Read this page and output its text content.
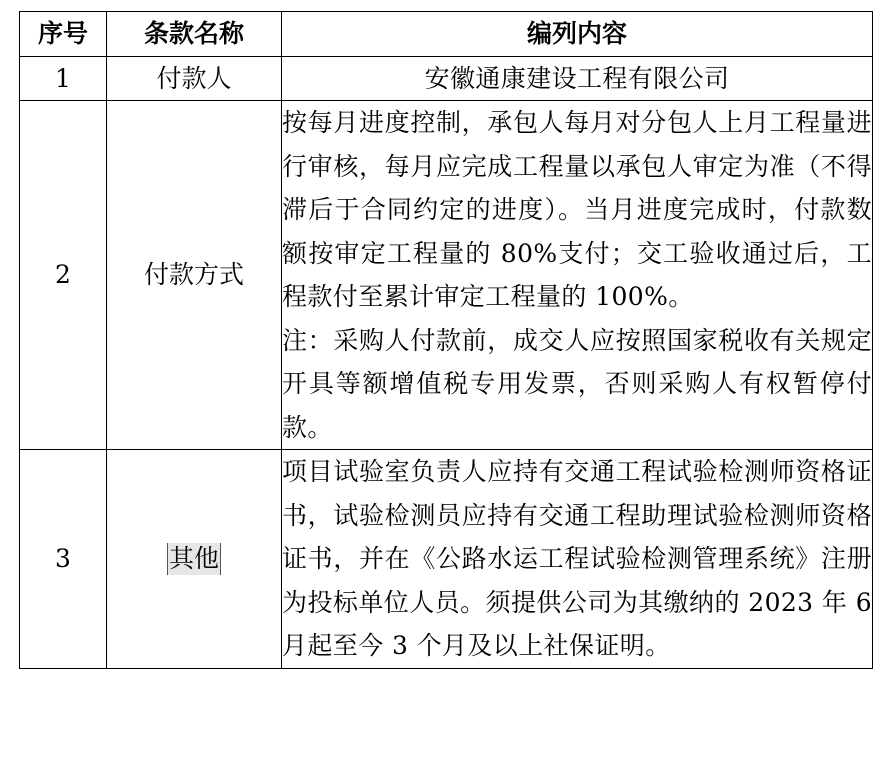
序号	条款名称	编列内容
1	付款人	安徽通康建设工程有限公司
2	付款方式	按每月进度控制，承包人每月对分包人上月工程量进行审核，每月应完成工程量以承包人审定为准（不得滞后于合同约定的进度）。当月进度完成时，付款数额按审定工程量的 80%支付；交工验收通过后，工程款付至累计审定工程量的 100%。
注：采购人付款前，成交人应按照国家税收有关规定开具等额增值税专用发票，否则采购人有权暂停付款。

3	其他	项目试验室负责人应持有交通工程试验检测师资格证书，试验检测员应持有交通工程助理试验检测师资格证书，并在《公路水运工程试验检测管理系统》注册为投标单位人员。须提供公司为其缴纳的 2023 年 6 月起至今 3 个月及以上社保证明。
